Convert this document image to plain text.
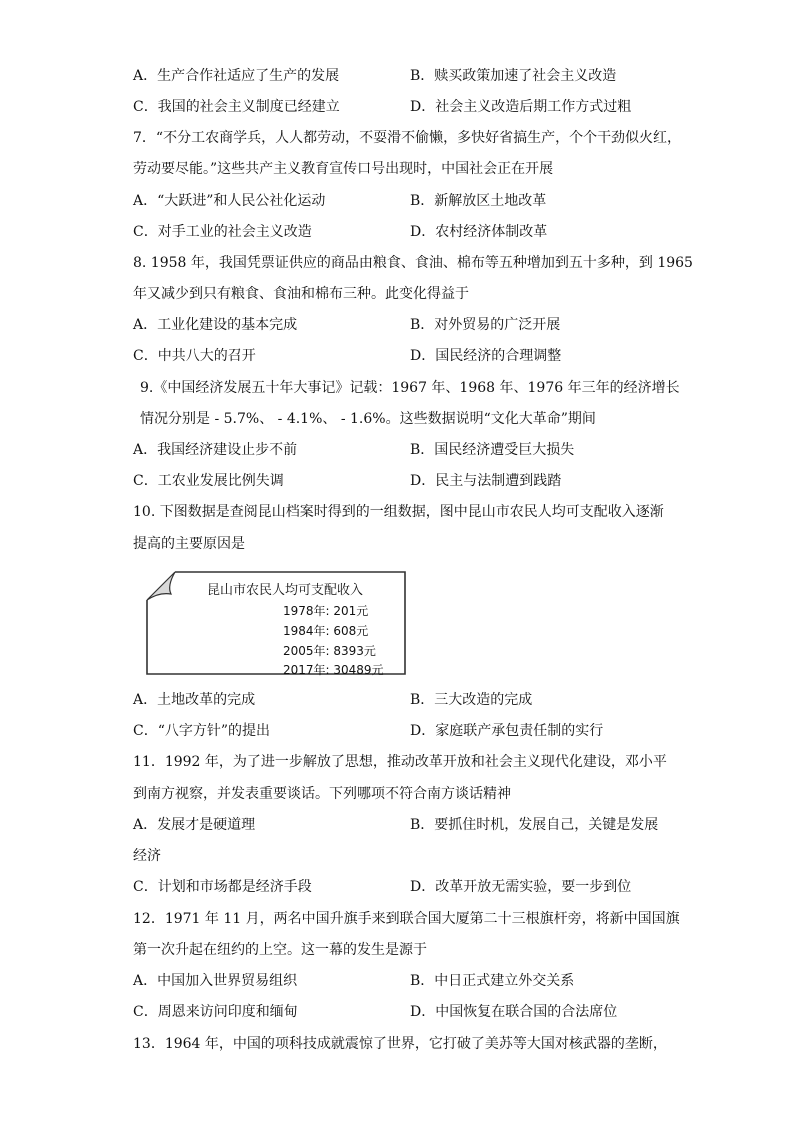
A．生产合作社适应了生产的发展	B．赎买政策加速了社会主义改造
C．我国的社会主义制度已经建立	D．社会主义改造后期工作方式过粗
7．“不分工农商学兵，人人都劳动，不耍滑不偷懒，多快好省搞生产，个个干劲似火红，
劳动要尽能。”这些共产主义教育宣传口号出现时，中国社会正在开展
A．“大跃进”和人民公社化运动	B．新解放区土地改革
C．对手工业的社会主义改造	D．农村经济体制改革
8. 1958 年，我国凭票证供应的商品由粮食、食油、棉布等五种增加到五十多种，到 1965
年又减少到只有粮食、食油和棉布三种。此变化得益于
A．工业化建设的基本完成	B．对外贸易的广泛开展
C．中共八大的召开	D．国民经济的合理调整
9.《中国经济发展五十年大事记》记载：1967 年、1968 年、1976 年三年的经济增长
情况分别是 - 5.7%、 - 4.1%、 - 1.6%。这些数据说明“文化大革命”期间
A．我国经济建设止步不前	B．国民经济遭受巨大损失
C．工农业发展比例失调	D．民主与法制遭到践踏
10. 下图数据是查阅昆山档案时得到的一组数据，图中昆山市农民人均可支配收入逐渐
提高的主要原因是
昆山市农民人均可支配收入
1978年: 201元
1984年: 608元
2005年: 8393元
2017年: 30489元
A．土地改革的完成	B．三大改造的完成
C．“八字方针”的提出	D．家庭联产承包责任制的实行
11．1992 年，为了进一步解放了思想，推动改革开放和社会主义现代化建设，邓小平
到南方视察，并发表重要谈话。下列哪项不符合南方谈话精神
A．发展才是硬道理	B．要抓住时机，发展自己，关键是发展
经济
C．计划和市场都是经济手段	D．改革开放无需实验，要一步到位
12．1971 年 11 月，两名中国升旗手来到联合国大厦第二十三根旗杆旁，将新中国国旗
第一次升起在纽约的上空。这一幕的发生是源于
A．中国加入世界贸易组织	B．中日正式建立外交关系
C．周恩来访问印度和缅甸	D．中国恢复在联合国的合法席位
13．1964 年，中国的项科技成就震惊了世界，它打破了美苏等大国对核武器的垄断，
